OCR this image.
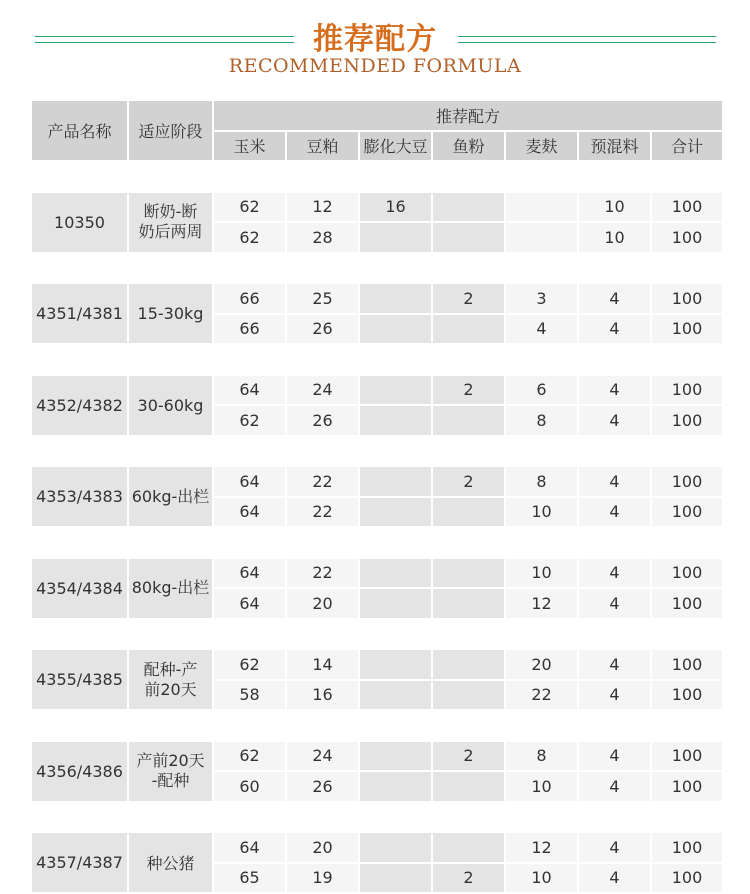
推荐配方
RECOMMENDED FORMULA
产品名称	适应阶段	推荐配方						
		玉米	豆粕	膨化大豆	鱼粉	麦麸	预混料	合计

10350	断奶-断
奶后两周	62	12	16			10	100
		62	28				10	100

4351/4381	15-30kg	66	25		2	3	4	100
		66	26			4	4	100

4352/4382	30-60kg	64	24		2	6	4	100
		62	26			8	4	100

4353/4383	60kg-出栏	64	22		2	8	4	100
		64	22			10	4	100

4354/4384	80kg-出栏	64	22			10	4	100
		64	20			12	4	100

4355/4385	配种-产
前20天	62	14			20	4	100
		58	16			22	4	100

4356/4386	产前20天
-配种	62	24		2	8	4	100
		60	26			10	4	100

4357/4387	种公猪	64	20			12	4	100
		65	19		2	10	4	100
